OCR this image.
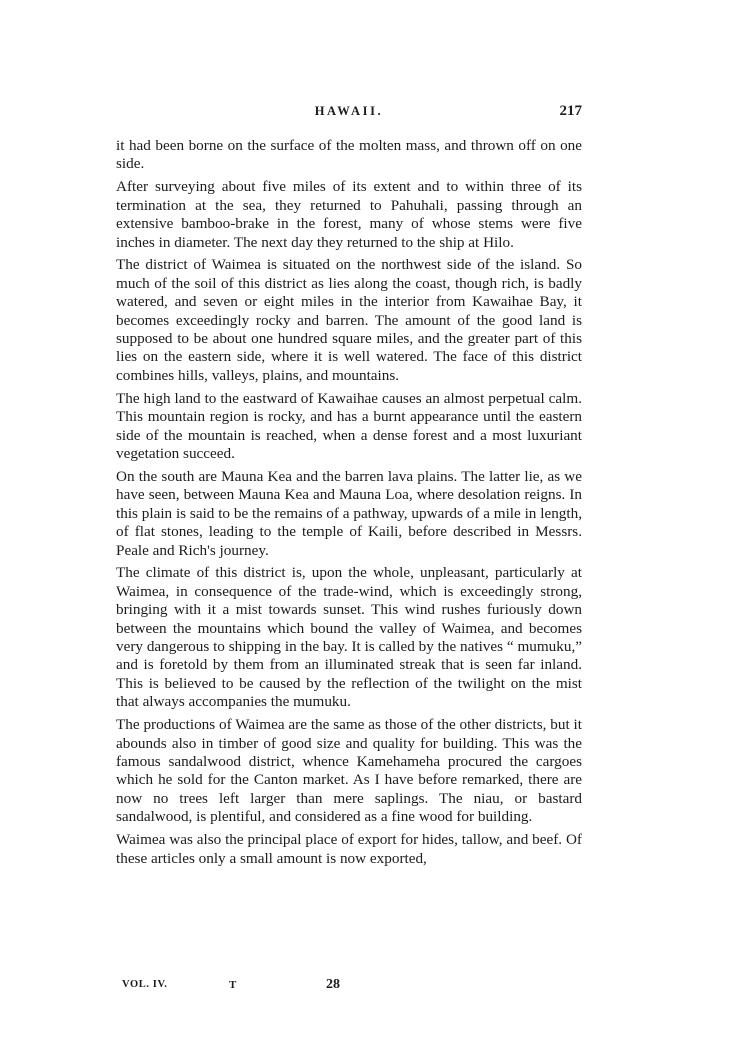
HAWAII.	217

it had been borne on the surface of the molten mass, and thrown off on one side.

After surveying about five miles of its extent and to within three of its termination at the sea, they returned to Pahuhali, passing through an extensive bamboo-brake in the forest, many of whose stems were five inches in diameter. The next day they returned to the ship at Hilo.

The district of Waimea is situated on the northwest side of the island. So much of the soil of this district as lies along the coast, though rich, is badly watered, and seven or eight miles in the interior from Kawaihae Bay, it becomes exceedingly rocky and barren. The amount of the good land is supposed to be about one hundred square miles, and the greater part of this lies on the eastern side, where it is well watered. The face of this district combines hills, valleys, plains, and mountains.

The high land to the eastward of Kawaihae causes an almost perpetual calm. This mountain region is rocky, and has a burnt appearance until the eastern side of the mountain is reached, when a dense forest and a most luxuriant vegetation succeed.

On the south are Mauna Kea and the barren lava plains. The latter lie, as we have seen, between Mauna Kea and Mauna Loa, where desolation reigns. In this plain is said to be the remains of a pathway, upwards of a mile in length, of flat stones, leading to the temple of Kaili, before described in Messrs. Peale and Rich's journey.

The climate of this district is, upon the whole, unpleasant, particularly at Waimea, in consequence of the trade-wind, which is exceedingly strong, bringing with it a mist towards sunset. This wind rushes furiously down between the mountains which bound the valley of Waimea, and becomes very dangerous to shipping in the bay. It is called by the natives “ mumuku,” and is foretold by them from an illuminated streak that is seen far inland. This is believed to be caused by the reflection of the twilight on the mist that always accompanies the mumuku.

The productions of Waimea are the same as those of the other districts, but it abounds also in timber of good size and quality for building. This was the famous sandalwood district, whence Kamehameha procured the cargoes which he sold for the Canton market. As I have before remarked, there are now no trees left larger than mere saplings. The niau, or bastard sandalwood, is plentiful, and considered as a fine wood for building.

Waimea was also the principal place of export for hides, tallow, and beef. Of these articles only a small amount is now exported,

VOL. IV.	T	28
